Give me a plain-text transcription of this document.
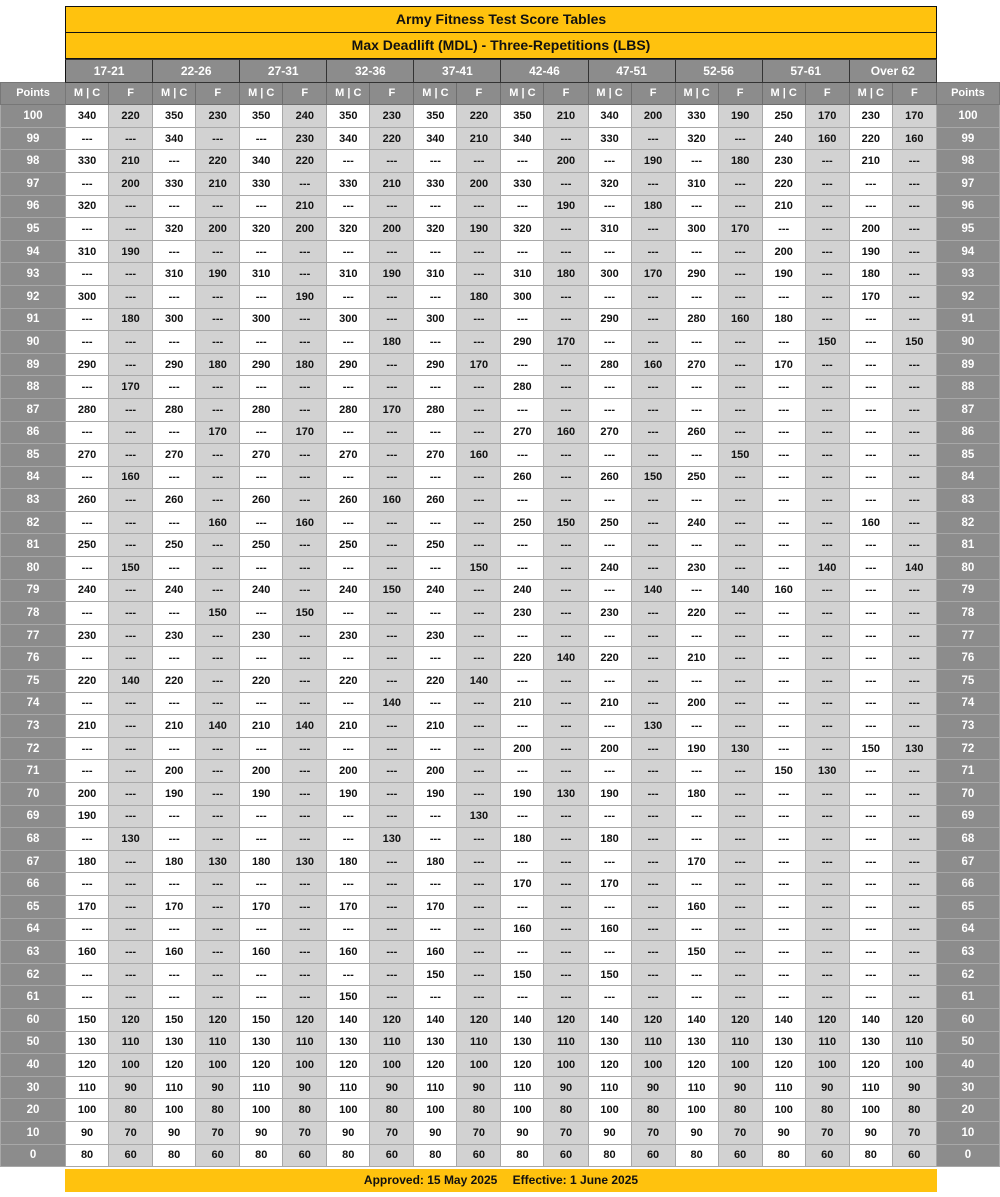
Army Fitness Test Score Tables
Max Deadlift (MDL) - Three-Repetitions (LBS)
	17-21		22-26		27-31		32-36		37-41		42-46		47-51		52-56		57-61		Over 62		
Points	M | C	F	M | C	F	M | C	F	M | C	F	M | C	F	M | C	F	M | C	F	M | C	F	M | C	F	M | C	F	Points
100	340	220	350	230	350	240	350	230	350	220	350	210	340	200	330	190	250	170	230	170	100
99	---	---	340	---	---	230	340	220	340	210	340	---	330	---	320	---	240	160	220	160	99
98	330	210	---	220	340	220	---	---	---	---	---	200	---	190	---	180	230	---	210	---	98
97	---	200	330	210	330	---	330	210	330	200	330	---	320	---	310	---	220	---	---	---	97
96	320	---	---	---	---	210	---	---	---	---	---	190	---	180	---	---	210	---	---	---	96
95	---	---	320	200	320	200	320	200	320	190	320	---	310	---	300	170	---	---	200	---	95
94	310	190	---	---	---	---	---	---	---	---	---	---	---	---	---	---	200	---	190	---	94
93	---	---	310	190	310	---	310	190	310	---	310	180	300	170	290	---	190	---	180	---	93
92	300	---	---	---	---	190	---	---	---	180	300	---	---	---	---	---	---	---	170	---	92
91	---	180	300	---	300	---	300	---	300	---	---	---	290	---	280	160	180	---	---	---	91
90	---	---	---	---	---	---	---	180	---	---	290	170	---	---	---	---	---	150	---	150	90
89	290	---	290	180	290	180	290	---	290	170	---	---	280	160	270	---	170	---	---	---	89
88	---	170	---	---	---	---	---	---	---	---	280	---	---	---	---	---	---	---	---	---	88
87	280	---	280	---	280	---	280	170	280	---	---	---	---	---	---	---	---	---	---	---	87
86	---	---	---	170	---	170	---	---	---	---	270	160	270	---	260	---	---	---	---	---	86
85	270	---	270	---	270	---	270	---	270	160	---	---	---	---	---	150	---	---	---	---	85
84	---	160	---	---	---	---	---	---	---	---	260	---	260	150	250	---	---	---	---	---	84
83	260	---	260	---	260	---	260	160	260	---	---	---	---	---	---	---	---	---	---	---	83
82	---	---	---	160	---	160	---	---	---	---	250	150	250	---	240	---	---	---	160	---	82
81	250	---	250	---	250	---	250	---	250	---	---	---	---	---	---	---	---	---	---	---	81
80	---	150	---	---	---	---	---	---	---	150	---	---	240	---	230	---	---	140	---	140	80
79	240	---	240	---	240	---	240	150	240	---	240	---	---	140	---	140	160	---	---	---	79
78	---	---	---	150	---	150	---	---	---	---	230	---	230	---	220	---	---	---	---	---	78
77	230	---	230	---	230	---	230	---	230	---	---	---	---	---	---	---	---	---	---	---	77
76	---	---	---	---	---	---	---	---	---	---	220	140	220	---	210	---	---	---	---	---	76
75	220	140	220	---	220	---	220	---	220	140	---	---	---	---	---	---	---	---	---	---	75
74	---	---	---	---	---	---	---	140	---	---	210	---	210	---	200	---	---	---	---	---	74
73	210	---	210	140	210	140	210	---	210	---	---	---	---	130	---	---	---	---	---	---	73
72	---	---	---	---	---	---	---	---	---	---	200	---	200	---	190	130	---	---	150	130	72
71	---	---	200	---	200	---	200	---	200	---	---	---	---	---	---	---	150	130	---	---	71
70	200	---	190	---	190	---	190	---	190	---	190	130	190	---	180	---	---	---	---	---	70
69	190	---	---	---	---	---	---	---	---	130	---	---	---	---	---	---	---	---	---	---	69
68	---	130	---	---	---	---	---	130	---	---	180	---	180	---	---	---	---	---	---	---	68
67	180	---	180	130	180	130	180	---	180	---	---	---	---	---	170	---	---	---	---	---	67
66	---	---	---	---	---	---	---	---	---	---	170	---	170	---	---	---	---	---	---	---	66
65	170	---	170	---	170	---	170	---	170	---	---	---	---	---	160	---	---	---	---	---	65
64	---	---	---	---	---	---	---	---	---	---	160	---	160	---	---	---	---	---	---	---	64
63	160	---	160	---	160	---	160	---	160	---	---	---	---	---	150	---	---	---	---	---	63
62	---	---	---	---	---	---	---	---	150	---	150	---	150	---	---	---	---	---	---	---	62
61	---	---	---	---	---	---	150	---	---	---	---	---	---	---	---	---	---	---	---	---	61
60	150	120	150	120	150	120	140	120	140	120	140	120	140	120	140	120	140	120	140	120	60
50	130	110	130	110	130	110	130	110	130	110	130	110	130	110	130	110	130	110	130	110	50
40	120	100	120	100	120	100	120	100	120	100	120	100	120	100	120	100	120	100	120	100	40
30	110	90	110	90	110	90	110	90	110	90	110	90	110	90	110	90	110	90	110	90	30
20	100	80	100	80	100	80	100	80	100	80	100	80	100	80	100	80	100	80	100	80	20
10	90	70	90	70	90	70	90	70	90	70	90	70	90	70	90	70	90	70	90	70	10
0	80	60	80	60	80	60	80	60	80	60	80	60	80	60	80	60	80	60	80	60	0
Approved: 15 May 2025 Effective: 1 June 2025
